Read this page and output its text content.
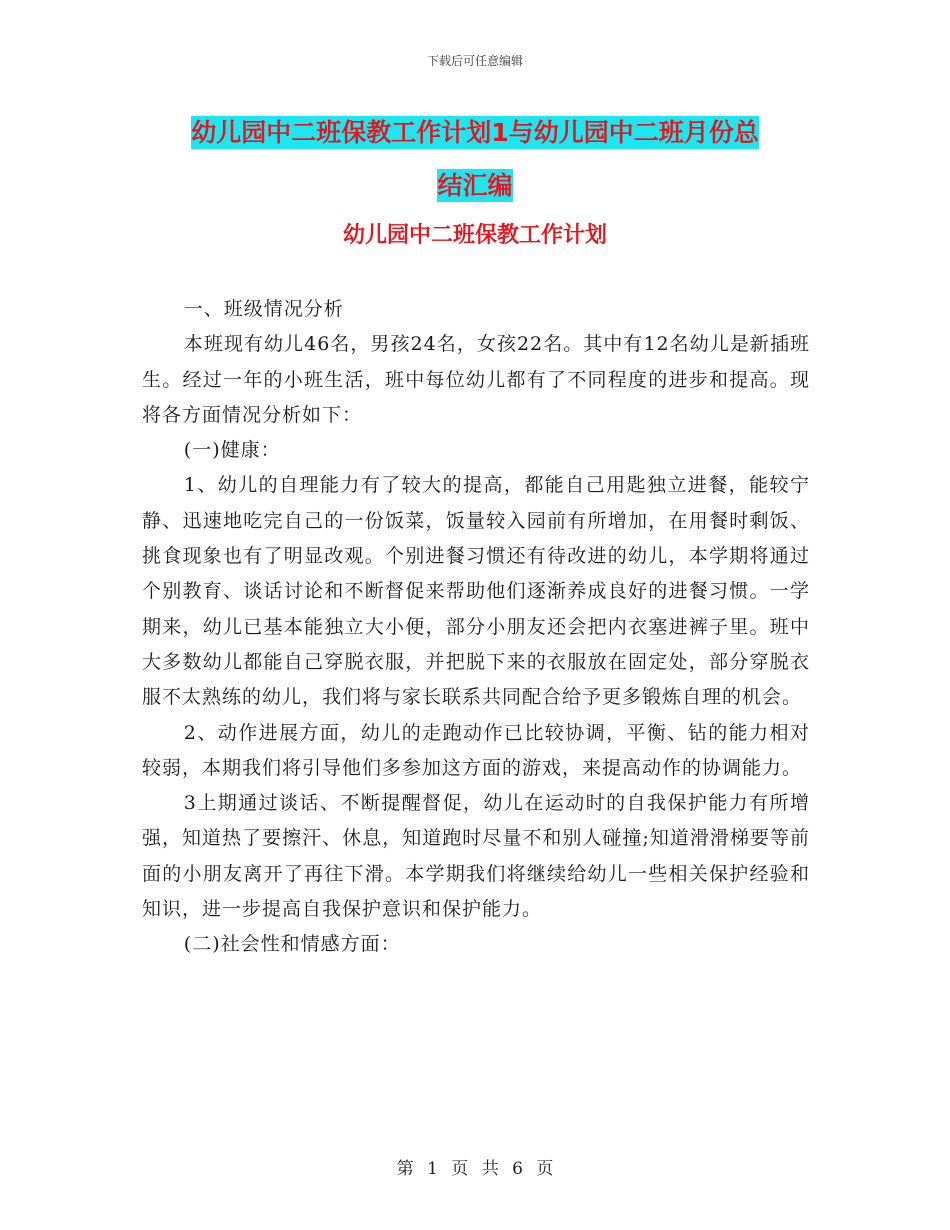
下载后可任意编辑
幼儿园中二班保教工作计划1与幼儿园中二班月份总
结汇编
幼儿园中二班保教工作计划

一、班级情况分析

本班现有幼儿46名，男孩24名，女孩22名。其中有12名幼儿是新插班生。经过一年的小班生活，班中每位幼儿都有了不同程度的进步和提高。现将各方面情况分析如下：

(一)健康：

1、幼儿的自理能力有了较大的提高，都能自己用匙独立进餐，能较宁静、迅速地吃完自己的一份饭菜，饭量较入园前有所增加，在用餐时剩饭、挑食现象也有了明显改观。个别进餐习惯还有待改进的幼儿，本学期将通过个别教育、谈话讨论和不断督促来帮助他们逐渐养成良好的进餐习惯。一学期来，幼儿已基本能独立大小便，部分小朋友还会把内衣塞进裤子里。班中大多数幼儿都能自己穿脱衣服，并把脱下来的衣服放在固定处，部分穿脱衣服不太熟练的幼儿，我们将与家长联系共同配合给予更多锻炼自理的机会。

2、动作进展方面，幼儿的走跑动作已比较协调，平衡、钻的能力相对较弱，本期我们将引导他们多参加这方面的游戏，来提高动作的协调能力。

3上期通过谈话、不断提醒督促，幼儿在运动时的自我保护能力有所增强，知道热了要擦汗、休息，知道跑时尽量不和别人碰撞;知道滑滑梯要等前面的小朋友离开了再往下滑。本学期我们将继续给幼儿一些相关保护经验和知识，进一步提高自我保护意识和保护能力。

(二)社会性和情感方面：

第 1 页 共 6 页
